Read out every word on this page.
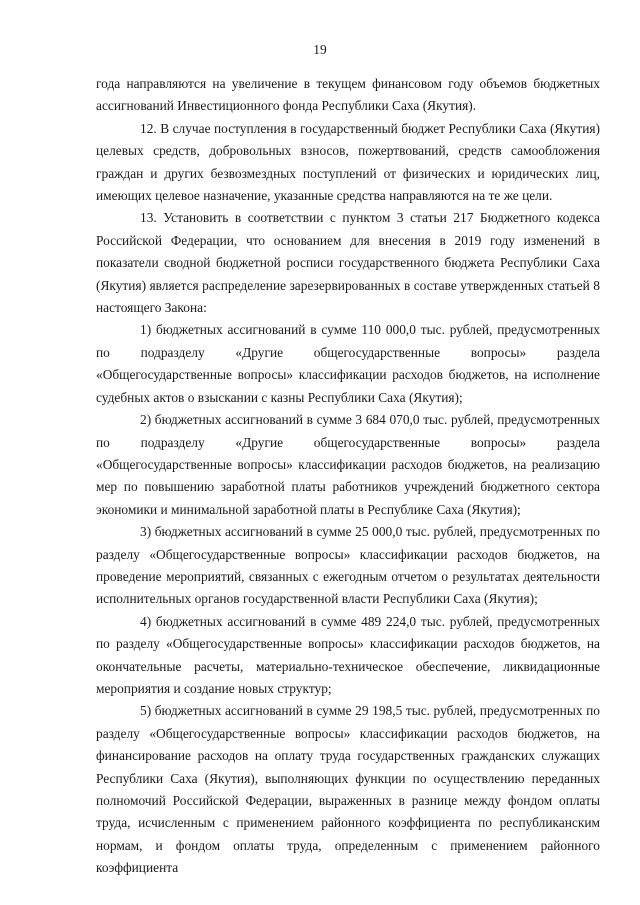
19

года направляются на увеличение в текущем финансовом году объемов бюджетных ассигнований Инвестиционного фонда Республики Саха (Якутия).

12. В случае поступления в государственный бюджет Республики Саха (Якутия) целевых средств, добровольных взносов, пожертвований, средств самообложения граждан и других безвозмездных поступлений от физических и юридических лиц, имеющих целевое назначение, указанные средства направляются на те же цели.

13. Установить в соответствии с пунктом 3 статьи 217 Бюджетного кодекса Российской Федерации, что основанием для внесения в 2019 году изменений в показатели сводной бюджетной росписи государственного бюджета Республики Саха (Якутия) является распределение зарезервированных в составе утвержденных статьей 8 настоящего Закона:

1) бюджетных ассигнований в сумме 110 000,0 тыс. рублей, предусмотренных по подразделу «Другие общегосударственные вопросы» раздела «Общегосударственные вопросы» классификации расходов бюджетов, на исполнение судебных актов о взыскании с казны Республики Саха (Якутия);

2) бюджетных ассигнований в сумме 3 684 070,0 тыс. рублей, предусмотренных по подразделу «Другие общегосударственные вопросы» раздела «Общегосударственные вопросы» классификации расходов бюджетов, на реализацию мер по повышению заработной платы работников учреждений бюджетного сектора экономики и минимальной заработной платы в Республике Саха (Якутия);

3) бюджетных ассигнований в сумме 25 000,0 тыс. рублей, предусмотренных по разделу «Общегосударственные вопросы» классификации расходов бюджетов, на проведение мероприятий, связанных с ежегодным отчетом о результатах деятельности исполнительных органов государственной власти Республики Саха (Якутия);

4) бюджетных ассигнований в сумме 489 224,0 тыс. рублей, предусмотренных по разделу «Общегосударственные вопросы» классификации расходов бюджетов, на окончательные расчеты, материально-техническое обеспечение, ликвидационные мероприятия и создание новых структур;

5) бюджетных ассигнований в сумме 29 198,5 тыс. рублей, предусмотренных по разделу «Общегосударственные вопросы» классификации расходов бюджетов, на финансирование расходов на оплату труда государственных гражданских служащих Республики Саха (Якутия), выполняющих функции по осуществлению переданных полномочий Российской Федерации, выраженных в разнице между фондом оплаты труда, исчисленным с применением районного коэффициента по республиканским нормам, и фондом оплаты труда, определенным с применением районного коэффициента
